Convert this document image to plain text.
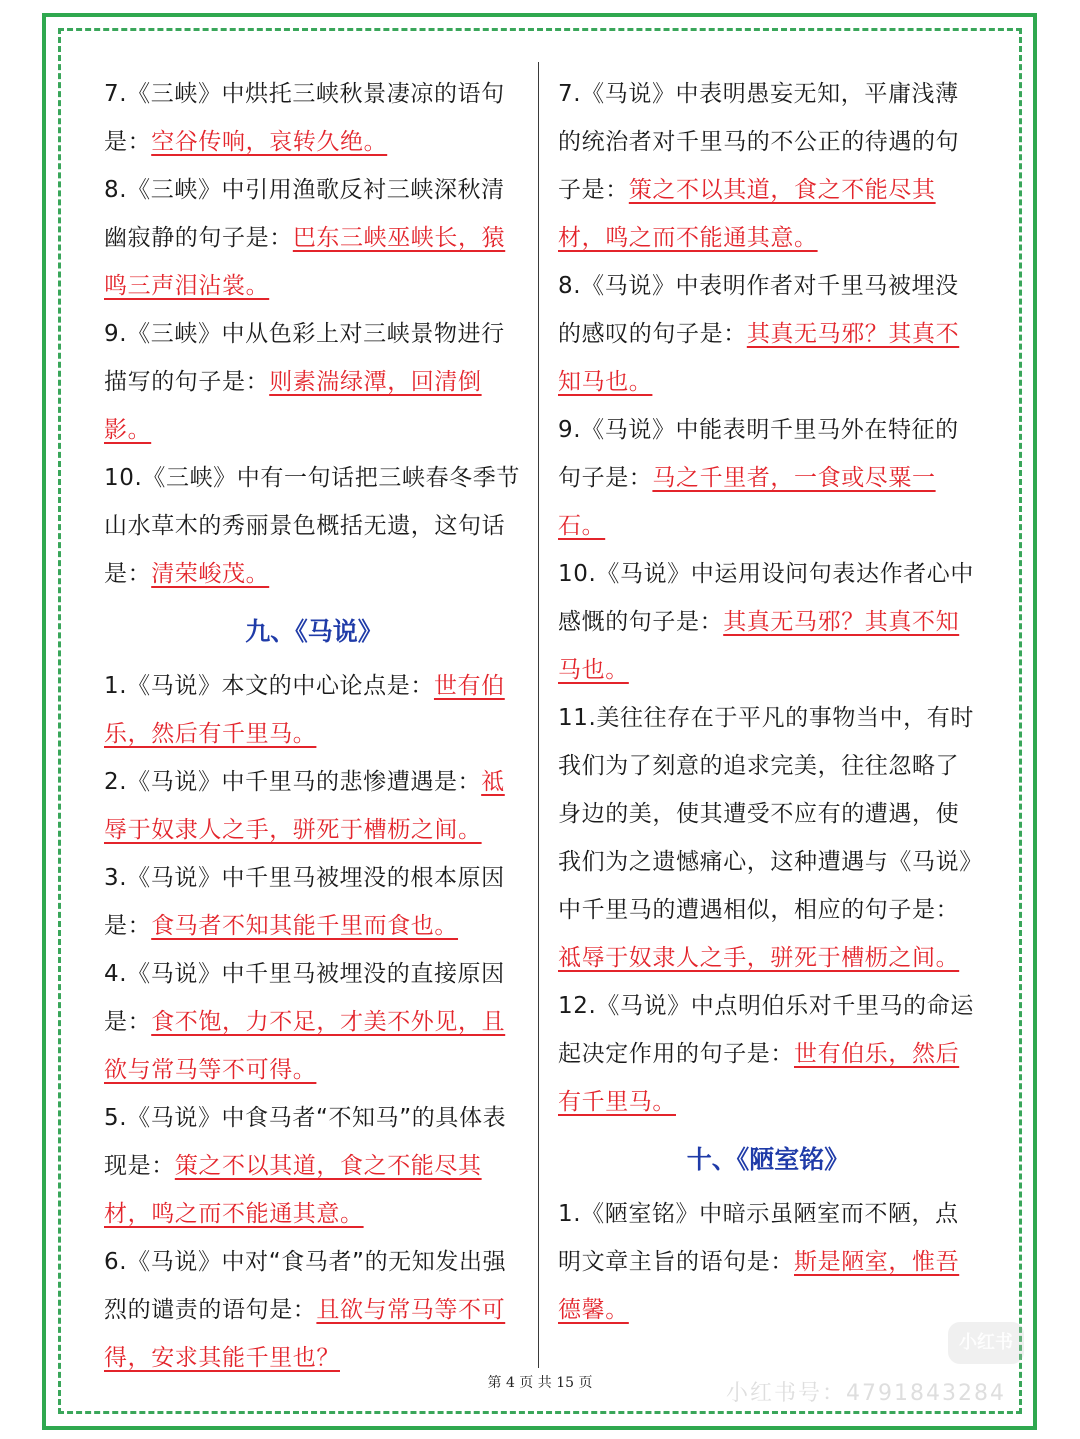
7.《三峡》中烘托三峡秋景凄凉的语句是：空谷传响，哀转久绝。

8.《三峡》中引用渔歌反衬三峡深秋清幽寂静的句子是：巴东三峡巫峡长，猿鸣三声泪沾裳。

9.《三峡》中从色彩上对三峡景物进行描写的句子是：则素湍绿潭，回清倒影。

10.《三峡》中有一句话把三峡春冬季节山水草木的秀丽景色概括无遗，这句话是：清荣峻茂。

九、《马说》

1.《马说》本文的中心论点是：世有伯乐，然后有千里马。

2.《马说》中千里马的悲惨遭遇是：祗辱于奴隶人之手，骈死于槽枥之间。

3.《马说》中千里马被埋没的根本原因是：食马者不知其能千里而食也。

4.《马说》中千里马被埋没的直接原因是：食不饱，力不足，才美不外见，且欲与常马等不可得。

5.《马说》中食马者“不知马”的具体表现是：策之不以其道，食之不能尽其材，鸣之而不能通其意。

6.《马说》中对“食马者”的无知发出强烈的谴责的语句是：且欲与常马等不可得，安求其能千里也？

7.《马说》中表明愚妄无知，平庸浅薄的统治者对千里马的不公正的待遇的句子是：策之不以其道，食之不能尽其材，鸣之而不能通其意。

8.《马说》中表明作者对千里马被埋没的感叹的句子是：其真无马邪？其真不知马也。

9.《马说》中能表明千里马外在特征的句子是：马之千里者，一食或尽粟一石。

10.《马说》中运用设问句表达作者心中感慨的句子是：其真无马邪？其真不知马也。

11.美往往存在于平凡的事物当中，有时我们为了刻意的追求完美，往往忽略了身边的美，使其遭受不应有的遭遇，使我们为之遗憾痛心，这种遭遇与《马说》中千里马的遭遇相似，相应的句子是：祗辱于奴隶人之手，骈死于槽枥之间。

12.《马说》中点明伯乐对千里马的命运起决定作用的句子是：世有伯乐，然后有千里马。

十、《陋室铭》

1.《陋室铭》中暗示虽陋室而不陋，点明文章主旨的语句是：斯是陋室，惟吾德馨。

第 4 页 共 15 页
小红书
小红书号：4791843284
